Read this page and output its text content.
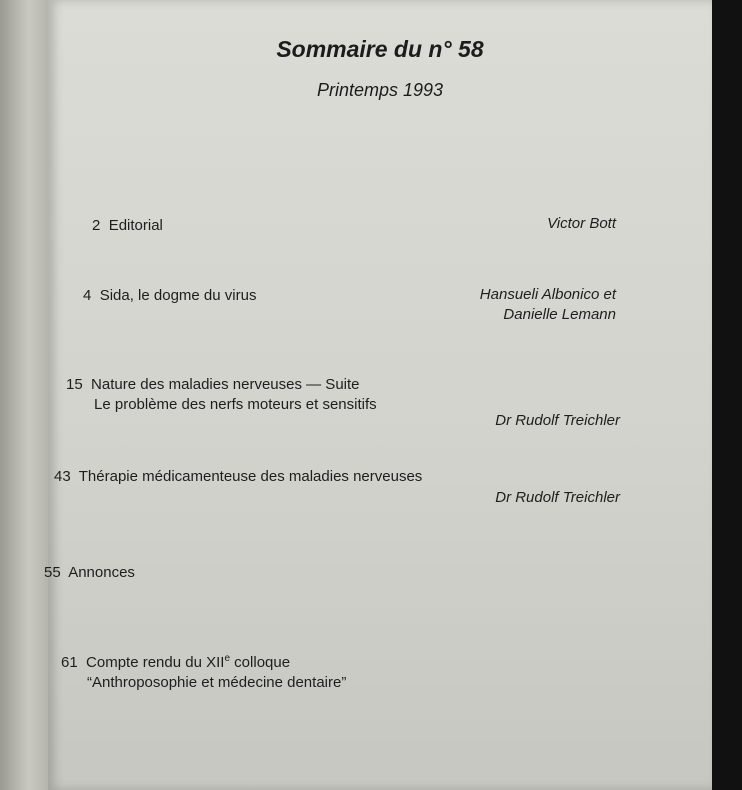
Sommaire du n° 58
Printemps 1993
2 Editorial	Victor Bott
4 Sida, le dogme du virus	Hansueli Albonico et
Danielle Lemann
15 Nature des maladies nerveuses — Suite
Le problème des nerfs moteurs et sensitifs
Dr Rudolf Treichler
43 Thérapie médicamenteuse des maladies nerveuses
Dr Rudolf Treichler
55 Annonces
61 Compte rendu du XIIe colloque
“Anthroposophie et médecine dentaire”
